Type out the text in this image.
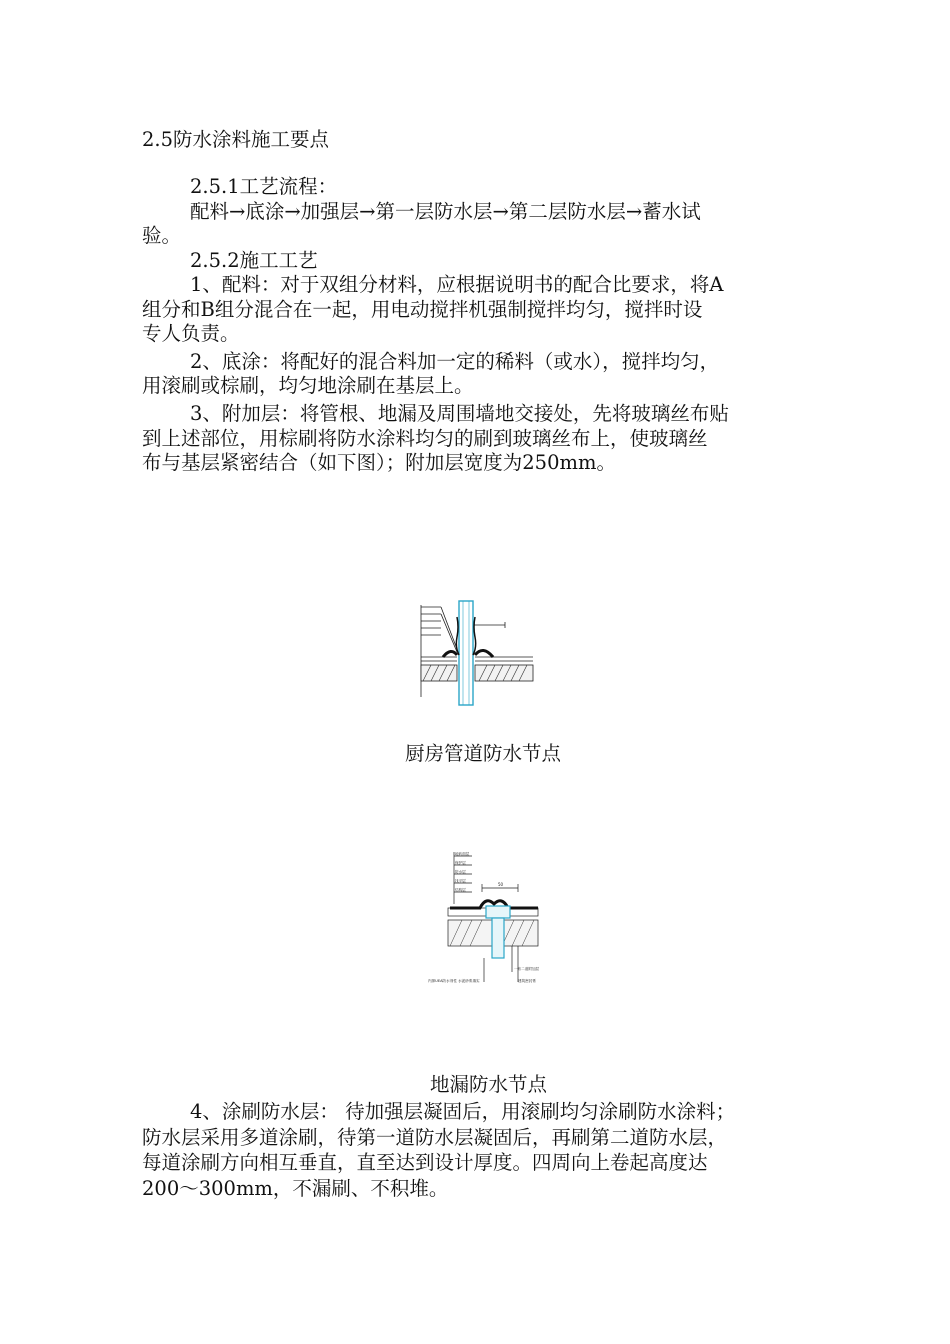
2.5防水涂料施工要点
2.5.1工艺流程：
配料→底涂→加强层→第一层防水层→第二层防水层→蓄水试
验。
2.5.2施工工艺
1、配料：对于双组分材料，应根据说明书的配合比要求，将A
组分和B组分混合在一起，用电动搅拌机强制搅拌均匀，搅拌时设
专人负责。
2、底涂：将配好的混合料加一定的稀料（或水），搅拌均匀，
用滚刷或棕刷，均匀地涂刷在基层上。
3、附加层：将管根、地漏及周围墙地交接处，先将玻璃丝布贴
到上述部位，用棕刷将防水涂料均匀的刷到玻璃丝布上，使玻璃丝
布与基层紧密结合（如下图）；附加层宽度为250mm。
厨房管道防水节点
50
地砖面层
保护层
防水层
找平层
结构层
一布二道附加层
建筑密封膏
内掺UEA防水剂性 水泥砂浆填实
地漏防水节点
4、涂刷防水层： 待加强层凝固后，用滚刷均匀涂刷防水涂料；
防水层采用多道涂刷，待第一道防水层凝固后，再刷第二道防水层，
每道涂刷方向相互垂直，直至达到设计厚度。四周向上卷起高度达
200～300mm，不漏刷、不积堆。
